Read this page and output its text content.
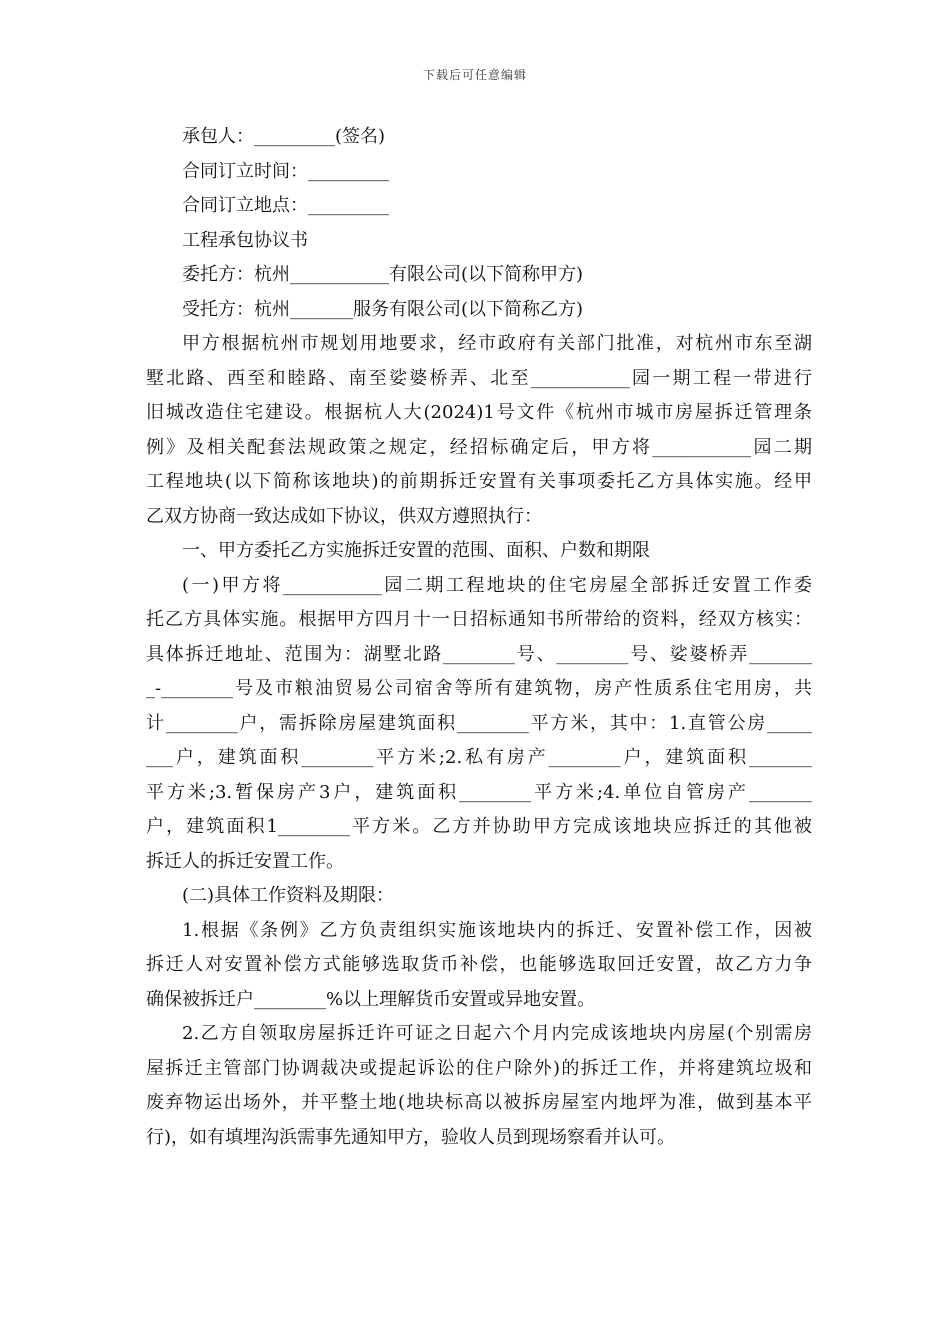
下载后可任意编辑
承包人：_________(签名)
合同订立时间：_________
合同订立地点：_________
工程承包协议书
委托方：杭州___________有限公司(以下简称甲方)
受托方：杭州_______服务有限公司(以下简称乙方)
甲方根据杭州市规划用地要求，经市政府有关部门批准，对杭州市东至湖
墅北路、西至和睦路、南至娑婆桥弄、北至___________园一期工程一带进行
旧城改造住宅建设。根据杭人大(2024)1号文件《杭州市城市房屋拆迁管理条
例》及相关配套法规政策之规定，经招标确定后，甲方将___________园二期
工程地块(以下简称该地块)的前期拆迁安置有关事项委托乙方具体实施。经甲
乙双方协商一致达成如下协议，供双方遵照执行：
一、甲方委托乙方实施拆迁安置的范围、面积、户数和期限
(一)甲方将___________园二期工程地块的住宅房屋全部拆迁安置工作委
托乙方具体实施。根据甲方四月十一日招标通知书所带给的资料，经双方核实：
具体拆迁地址、范围为：湖墅北路________号、________号、娑婆桥弄_______
_-________号及市粮油贸易公司宿舍等所有建筑物，房产性质系住宅用房，共
计________户，需拆除房屋建筑面积________平方米，其中：1.直管公房_____
___户，建筑面积________平方米;2.私有房产________户，建筑面积_______
平方米;3.暂保房产3户，建筑面积________平方米;4.单位自管房产_______
户，建筑面积1________平方米。乙方并协助甲方完成该地块应拆迁的其他被
拆迁人的拆迁安置工作。
(二)具体工作资料及期限：
1.根据《条例》乙方负责组织实施该地块内的拆迁、安置补偿工作，因被
拆迁人对安置补偿方式能够选取货币补偿，也能够选取回迁安置，故乙方力争
确保被拆迁户________%以上理解货币安置或异地安置。
2.乙方自领取房屋拆迁许可证之日起六个月内完成该地块内房屋(个别需房
屋拆迁主管部门协调裁决或提起诉讼的住户除外)的拆迁工作，并将建筑垃圾和
废弃物运出场外，并平整土地(地块标高以被拆房屋室内地坪为准，做到基本平
行)，如有填埋沟浜需事先通知甲方，验收人员到现场察看并认可。
